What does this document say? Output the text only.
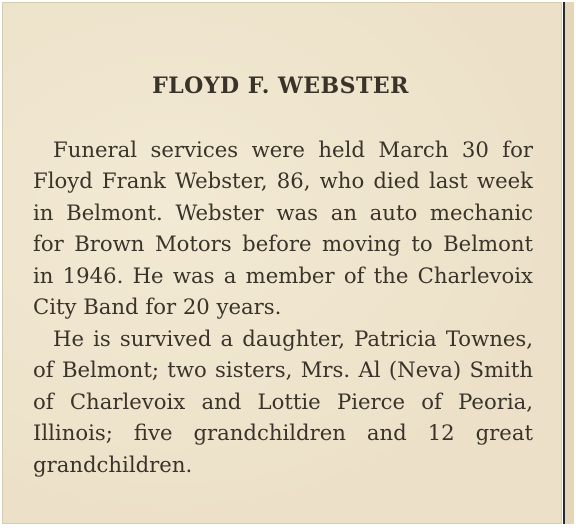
FLOYD F. WEBSTER
Funeral services were held March 30 for Floyd Frank Webster, 86, who died last week in Belmont. Webster was an auto mechanic for Brown Motors before moving to Belmont in 1946. He was a member of the Charlevoix City Band for 20 years.
He is survived a daughter, Patricia Townes, of Belmont; two sisters, Mrs. Al (Neva) Smith of Charlevoix and Lottie Pierce of Peoria, Illinois; five grandchildren and 12 great grandchildren.
